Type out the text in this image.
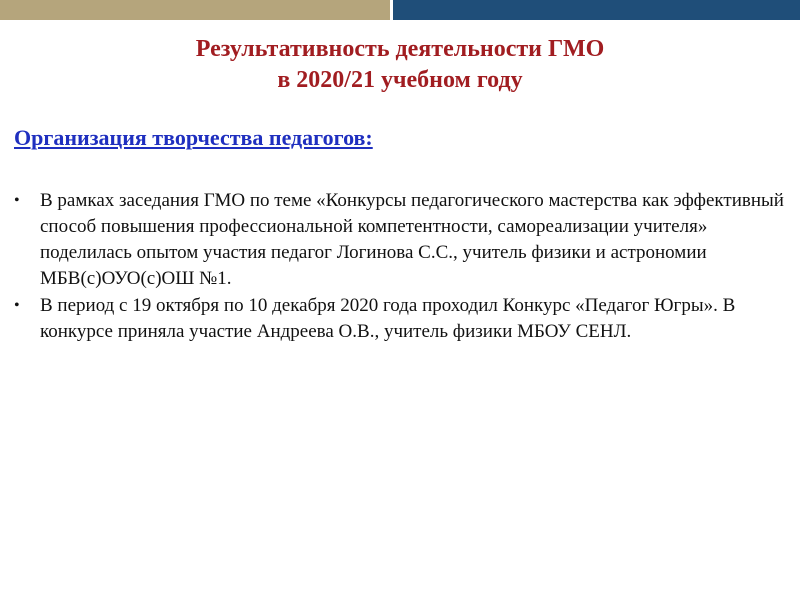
Результативность деятельности ГМО
в 2020/21 учебном году
Организация творчества педагогов:
• В рамках заседания ГМО по теме «Конкурсы педагогического мастерства как эффективный способ повышения профессиональной компетентности, самореализации учителя» поделилась опытом участия педагог Логинова С.С., учитель физики и астрономии МБВ(с)ОУО(с)ОШ №1.
• В период с 19 октября по 10 декабря 2020 года проходил Конкурс «Педагог Югры». В конкурсе приняла участие Андреева О.В., учитель физики МБОУ СЕНЛ.
